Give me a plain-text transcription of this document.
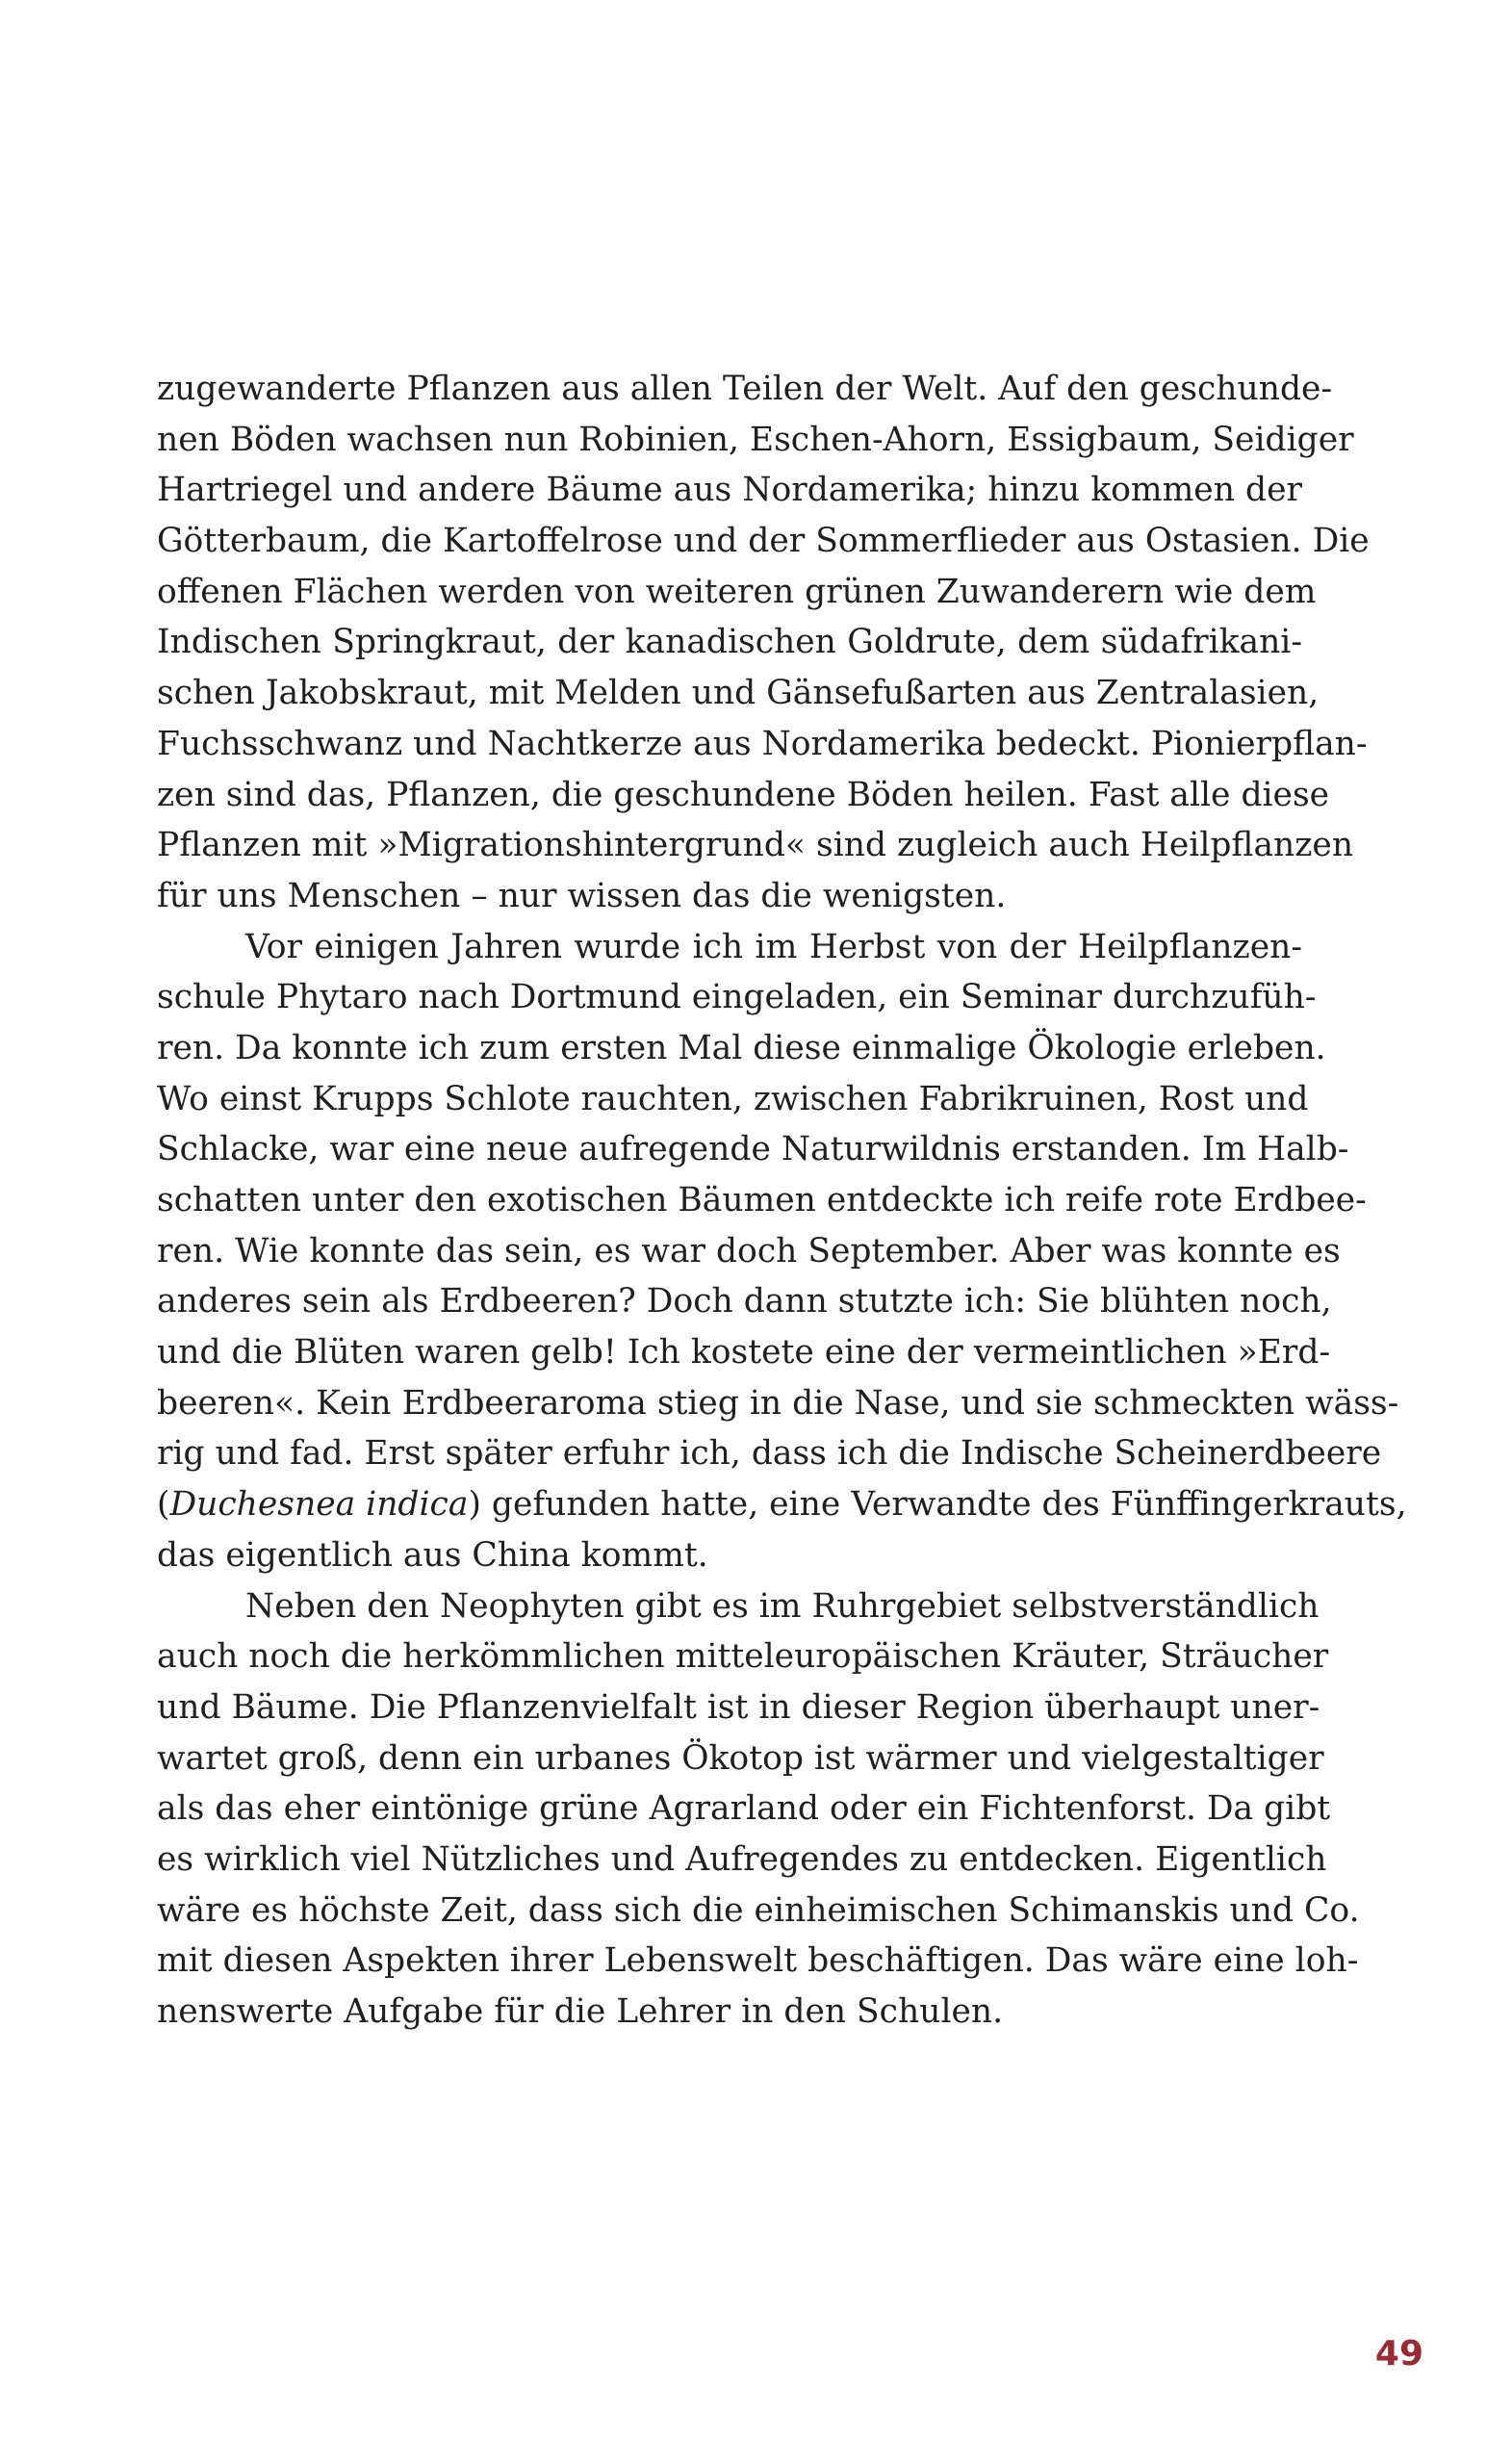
zugewanderte Pflanzen aus allen Teilen der Welt. Auf den geschunde-
nen Böden wachsen nun Robinien, Eschen-Ahorn, Essigbaum, Seidiger
Hartriegel und andere Bäume aus Nordamerika; hinzu kommen der
Götterbaum, die Kartoffelrose und der Sommerflieder aus Ostasien. Die
offenen Flächen werden von weiteren grünen Zuwanderern wie dem
Indischen Springkraut, der kanadischen Goldrute, dem südafrikani-
schen Jakobskraut, mit Melden und Gänsefußarten aus Zentralasien,
Fuchsschwanz und Nachtkerze aus Nordamerika bedeckt. Pionierpflan-
zen sind das, Pflanzen, die geschundene Böden heilen. Fast alle diese
Pflanzen mit »Migrationshintergrund« sind zugleich auch Heilpflanzen
für uns Menschen – nur wissen das die wenigsten.
Vor einigen Jahren wurde ich im Herbst von der Heilpflanzen-
schule Phytaro nach Dortmund eingeladen, ein Seminar durchzufüh-
ren. Da konnte ich zum ersten Mal diese einmalige Ökologie erleben.
Wo einst Krupps Schlote rauchten, zwischen Fabrikruinen, Rost und
Schlacke, war eine neue aufregende Naturwildnis erstanden. Im Halb-
schatten unter den exotischen Bäumen entdeckte ich reife rote Erdbee-
ren. Wie konnte das sein, es war doch September. Aber was konnte es
anderes sein als Erdbeeren? Doch dann stutzte ich: Sie blühten noch,
und die Blüten waren gelb! Ich kostete eine der vermeintlichen »Erd-
beeren«. Kein Erdbeeraroma stieg in die Nase, und sie schmeckten wäss-
rig und fad. Erst später erfuhr ich, dass ich die Indische Scheinerdbeere
(Duchesnea indica) gefunden hatte, eine Verwandte des Fünffingerkrauts,
das eigentlich aus China kommt.
Neben den Neophyten gibt es im Ruhrgebiet selbstverständlich
auch noch die herkömmlichen mitteleuropäischen Kräuter, Sträucher
und Bäume. Die Pflanzenvielfalt ist in dieser Region überhaupt uner-
wartet groß, denn ein urbanes Ökotop ist wärmer und vielgestaltiger
als das eher eintönige grüne Agrarland oder ein Fichtenforst. Da gibt
es wirklich viel Nützliches und Aufregendes zu entdecken. Eigentlich
wäre es höchste Zeit, dass sich die einheimischen Schimanskis und Co.
mit diesen Aspekten ihrer Lebenswelt beschäftigen. Das wäre eine loh-
nenswerte Aufgabe für die Lehrer in den Schulen.
49
